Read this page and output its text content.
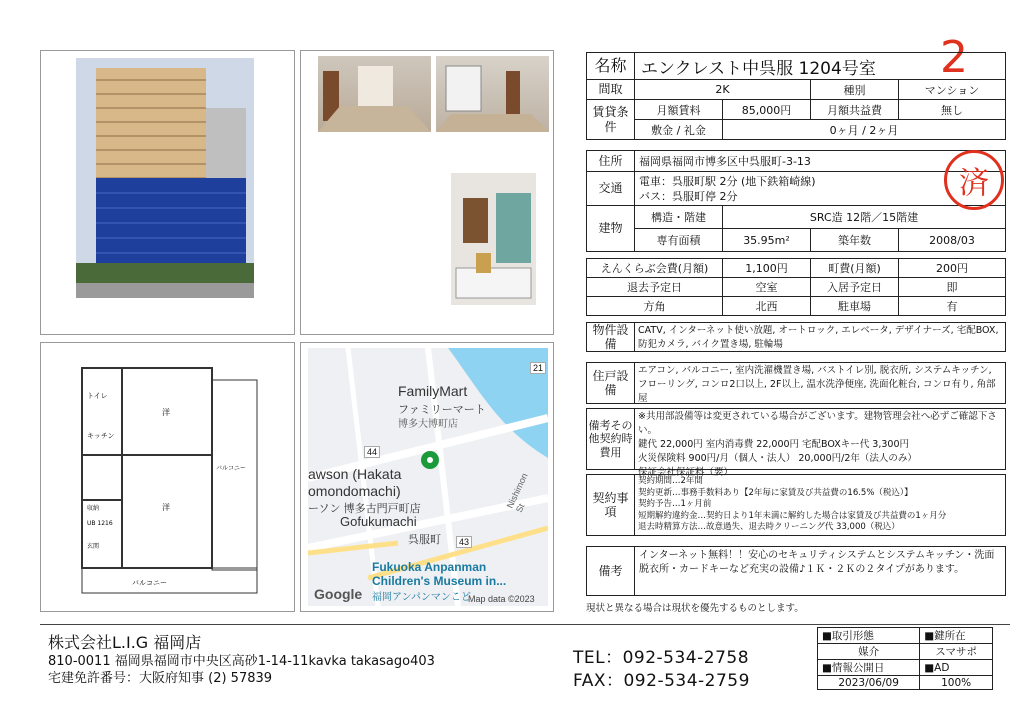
トイレ
キッチン
洋
洋
バルコニー
バルコニー
収納
UB 1216
玄関
FamilyMart
ファミリーマート
博多大博町店
awson (Hakata
omondomachi)
ーソン 博多古門戸町店
Gofukumachi
呉服町
Fukuoka Anpanman
Children's Museum in...
福岡アンパンマンこど
21
44
43
Nishimon St
Google	Map data ©2023
2
名称 エンクレスト中呉服 1204号室
間取	2K	種別	マンション
賃貸条件
月額賃料	85,000円	月額共益費	無し
敷金 / 礼金	0ヶ月 / 2ヶ月
住所	福岡県福岡市博多区中呉服町-3-13
交通
電車：呉服町駅 2分 (地下鉄箱崎線)
バス：呉服町停 2分
建物
構造・階建	SRC造 12階／15階建
専有面積	35.95m²	築年数	2008/03
えんくらぶ会費(月額)	1,100円	町費(月額)	200円
退去予定日	空室	入居予定日	即
方角	北西	駐車場	有
済
物件設備
CATV, インターネット使い放題, オートロック, エレベータ, デザイナーズ, 宅配BOX, 防犯カメラ, バイク置き場, 駐輪場
住戸設備
エアコン, バルコニー, 室内洗濯機置き場, バストイレ別, 脱衣所, システムキッチン, フローリング, コンロ2口以上, 2F以上, 温水洗浄便座, 洗面化粧台, コンロ有り, 角部屋
備考その他契約時費用
※共用部設備等は変更されている場合がございます。建物管理会社へ必ずご確認下さい。
鍵代 22,000円 室内消毒費 22,000円 宅配BOXキー代 3,300円
火災保険料 900円/月（個人・法人） 20,000円/2年（法人のみ）
保証会社保証料（要）
契約事項
契約期間…2年間
契約更新…事務手数料あり【2年毎に家賃及び共益費の16.5%（税込）】
契約予告…1ヶ月前
短期解約違約金…契約日より1年未満に解約した場合は家賃及び共益費の1ヶ月分
退去時精算方法…故意過失、退去時クリーニング代 33,000（税込）
備考
インターネット無料！！安心のセキュリティシステムとシステムキッチン・洗面脱衣所・カードキーなど充実の設備♪１Ｋ・２Ｋの２タイプがあります。
現状と異なる場合は現状を優先するものとします。
株式会社L.I.G 福岡店
810-0011 福岡県福岡市中央区高砂1-14-11kavka takasago403
宅建免許番号：大阪府知事 (2) 57839
TEL：092-534-2758
FAX：092-534-2759
■取引形態	■鍵所在
媒介	スマサポ
■情報公開日	■AD
2023/06/09	100%
